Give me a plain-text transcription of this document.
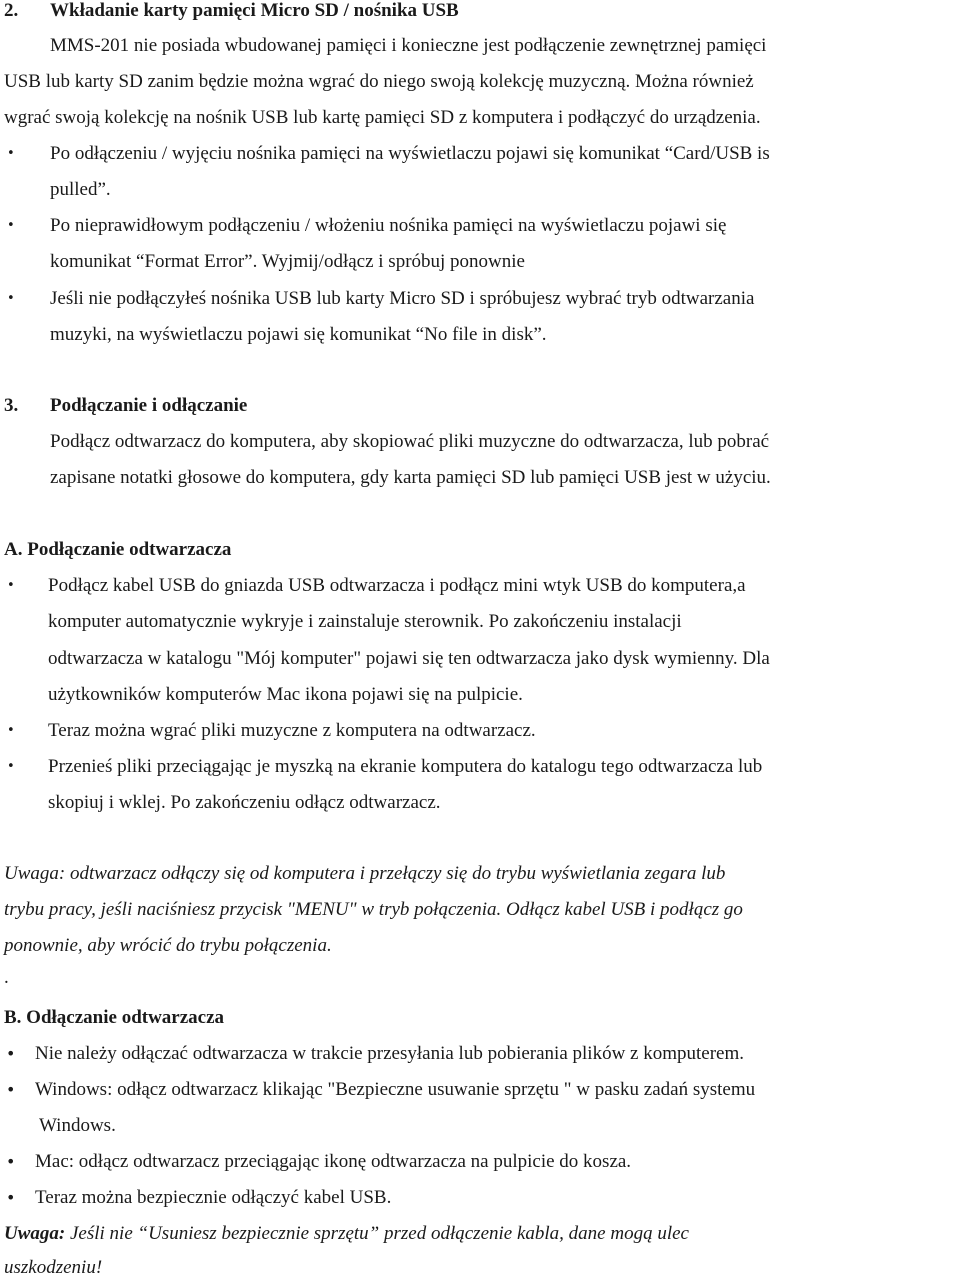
2. Wkładanie karty pamięci Micro SD / nośnika USB
MMS-201 nie posiada wbudowanej pamięci i konieczne jest podłączenie zewnętrznej pamięci
USB lub karty SD zanim będzie można wgrać do niego swoją kolekcję muzyczną. Można również
wgrać swoją kolekcję na nośnik USB lub kartę pamięci SD z komputera i podłączyć do urządzenia.
• Po odłączeniu / wyjęciu nośnika pamięci na wyświetlaczu pojawi się komunikat “Card/USB is
pulled”.
• Po nieprawidłowym podłączeniu / włożeniu nośnika pamięci na wyświetlaczu pojawi się
komunikat “Format Error”. Wyjmij/odłącz i spróbuj ponownie
• Jeśli nie podłączyłeś nośnika USB lub karty Micro SD i spróbujesz wybrać tryb odtwarzania
muzyki, na wyświetlaczu pojawi się komunikat “No file in disk”.
3. Podłączanie i odłączanie
Podłącz odtwarzacz do komputera, aby skopiować pliki muzyczne do odtwarzacza, lub pobrać
zapisane notatki głosowe do komputera, gdy karta pamięci SD lub pamięci USB jest w użyciu.
A. Podłączanie odtwarzacza
• Podłącz kabel USB do gniazda USB odtwarzacza i podłącz mini wtyk USB do komputera,a
komputer automatycznie wykryje i zainstaluje sterownik. Po zakończeniu instalacji
odtwarzacza w katalogu "Mój komputer" pojawi się ten odtwarzacza jako dysk wymienny. Dla
użytkowników komputerów Mac ikona pojawi się na pulpicie.
• Teraz można wgrać pliki muzyczne z komputera na odtwarzacz.
• Przenieś pliki przeciągając je myszką na ekranie komputera do katalogu tego odtwarzacza lub
skopiuj i wklej. Po zakończeniu odłącz odtwarzacz.
Uwaga: odtwarzacz odłączy się od komputera i przełączy się do trybu wyświetlania zegara lub
trybu pracy, jeśli naciśniesz przycisk "MENU" w tryb połączenia. Odłącz kabel USB i podłącz go
ponownie, aby wrócić do trybu połączenia.
.
B. Odłączanie odtwarzacza
• Nie należy odłączać odtwarzacza w trakcie przesyłania lub pobierania plików z komputerem.
• Windows: odłącz odtwarzacz klikając "Bezpieczne usuwanie sprzętu " w pasku zadań systemu
Windows.
• Mac: odłącz odtwarzacz przeciągając ikonę odtwarzacza na pulpicie do kosza.
• Teraz można bezpiecznie odłączyć kabel USB.
Uwaga: Jeśli nie “Usuniesz bezpiecznie sprzętu” przed odłączenie kabla, dane mogą ulec
uszkodzeniu!
